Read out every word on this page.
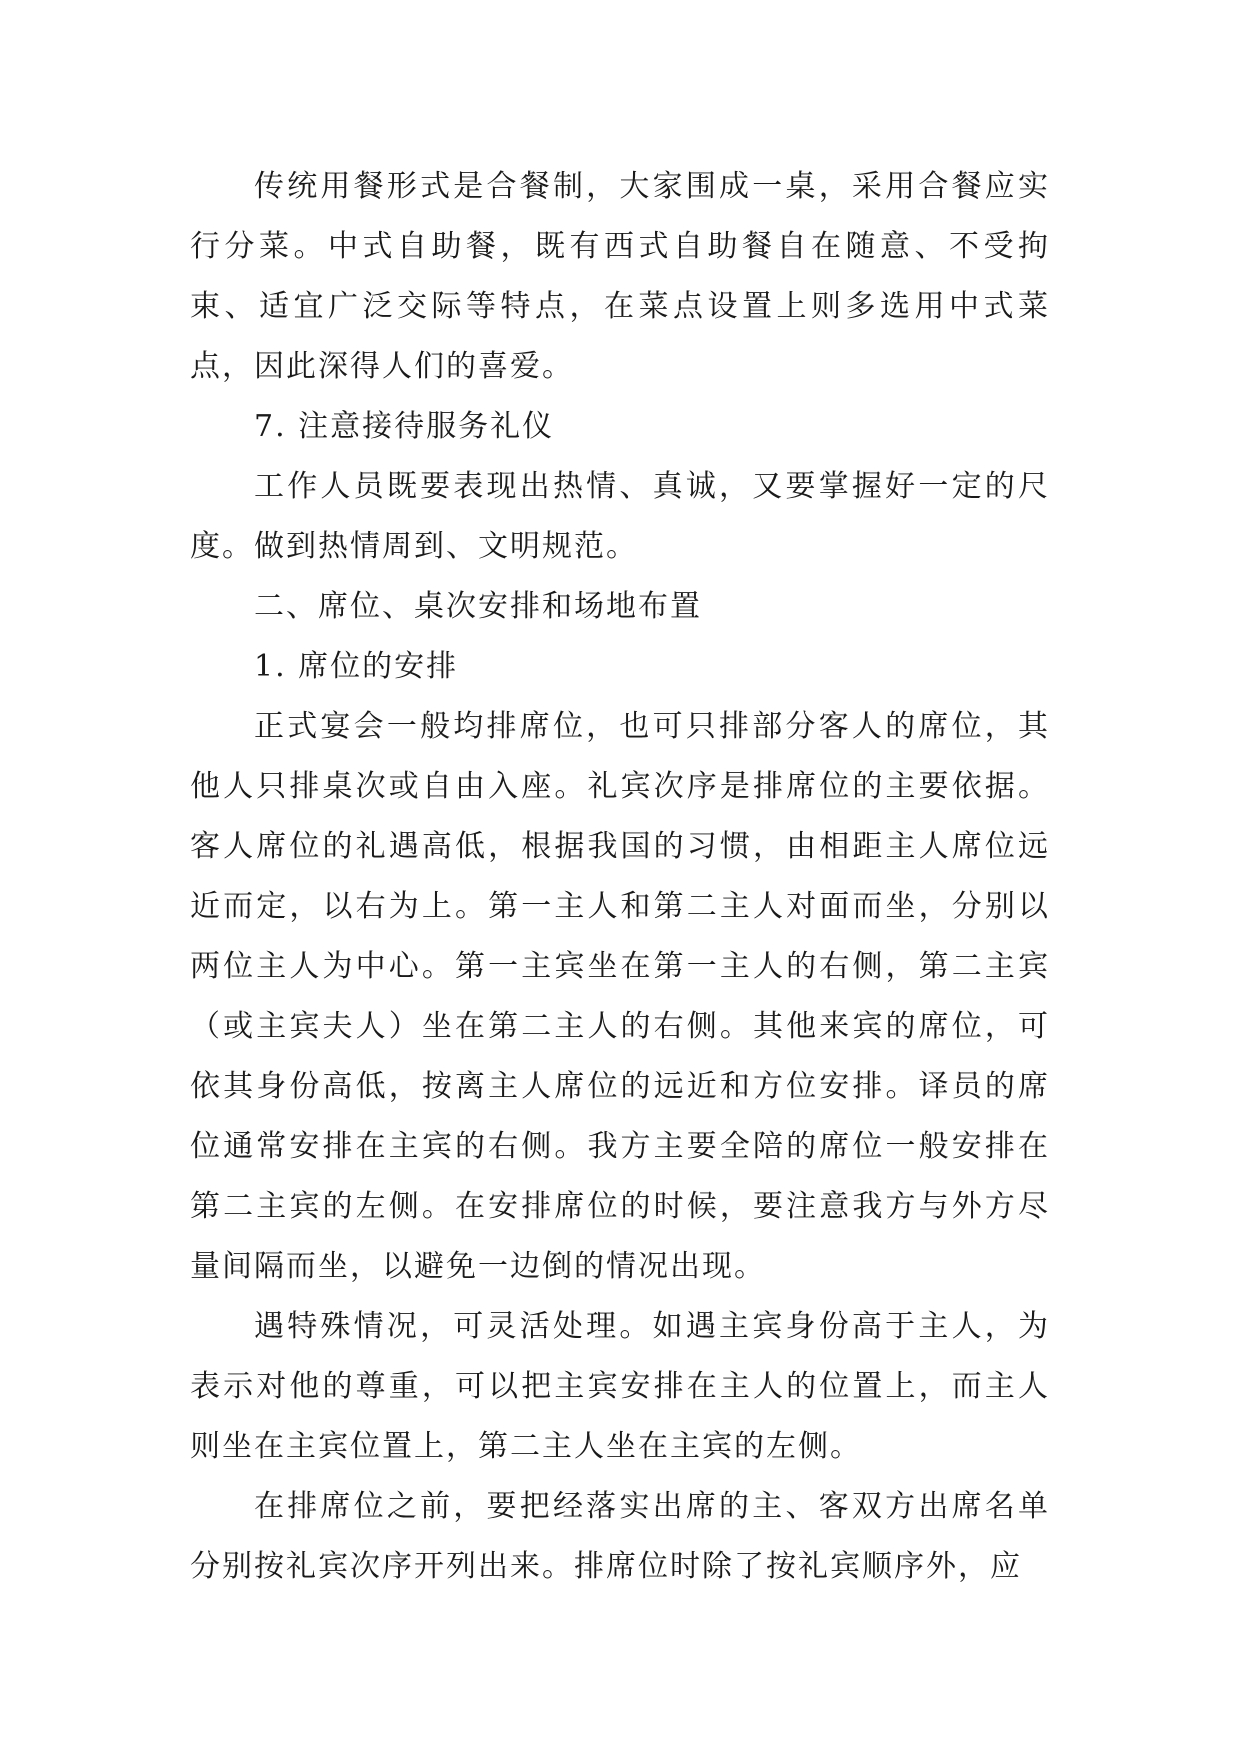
传统用餐形式是合餐制，大家围成一桌，采用合餐应实行分菜。中式自助餐，既有西式自助餐自在随意、不受拘束、适宜广泛交际等特点，在菜点设置上则多选用中式菜点，因此深得人们的喜爱。

7. 注意接待服务礼仪

工作人员既要表现出热情、真诚，又要掌握好一定的尺度。做到热情周到、文明规范。

二、席位、桌次安排和场地布置

1. 席位的安排

正式宴会一般均排席位，也可只排部分客人的席位，其他人只排桌次或自由入座。礼宾次序是排席位的主要依据。客人席位的礼遇高低，根据我国的习惯，由相距主人席位远近而定，以右为上。第一主人和第二主人对面而坐，分别以两位主人为中心。第一主宾坐在第一主人的右侧，第二主宾（或主宾夫人）坐在第二主人的右侧。其他来宾的席位，可依其身份高低，按离主人席位的远近和方位安排。译员的席位通常安排在主宾的右侧。我方主要全陪的席位一般安排在第二主宾的左侧。在安排席位的时候，要注意我方与外方尽量间隔而坐，以避免一边倒的情况出现。

遇特殊情况，可灵活处理。如遇主宾身份高于主人，为表示对他的尊重，可以把主宾安排在主人的位置上，而主人则坐在主宾位置上，第二主人坐在主宾的左侧。

在排席位之前，要把经落实出席的主、客双方出席名单分别按礼宾次序开列出来。排席位时除了按礼宾顺序外，应
